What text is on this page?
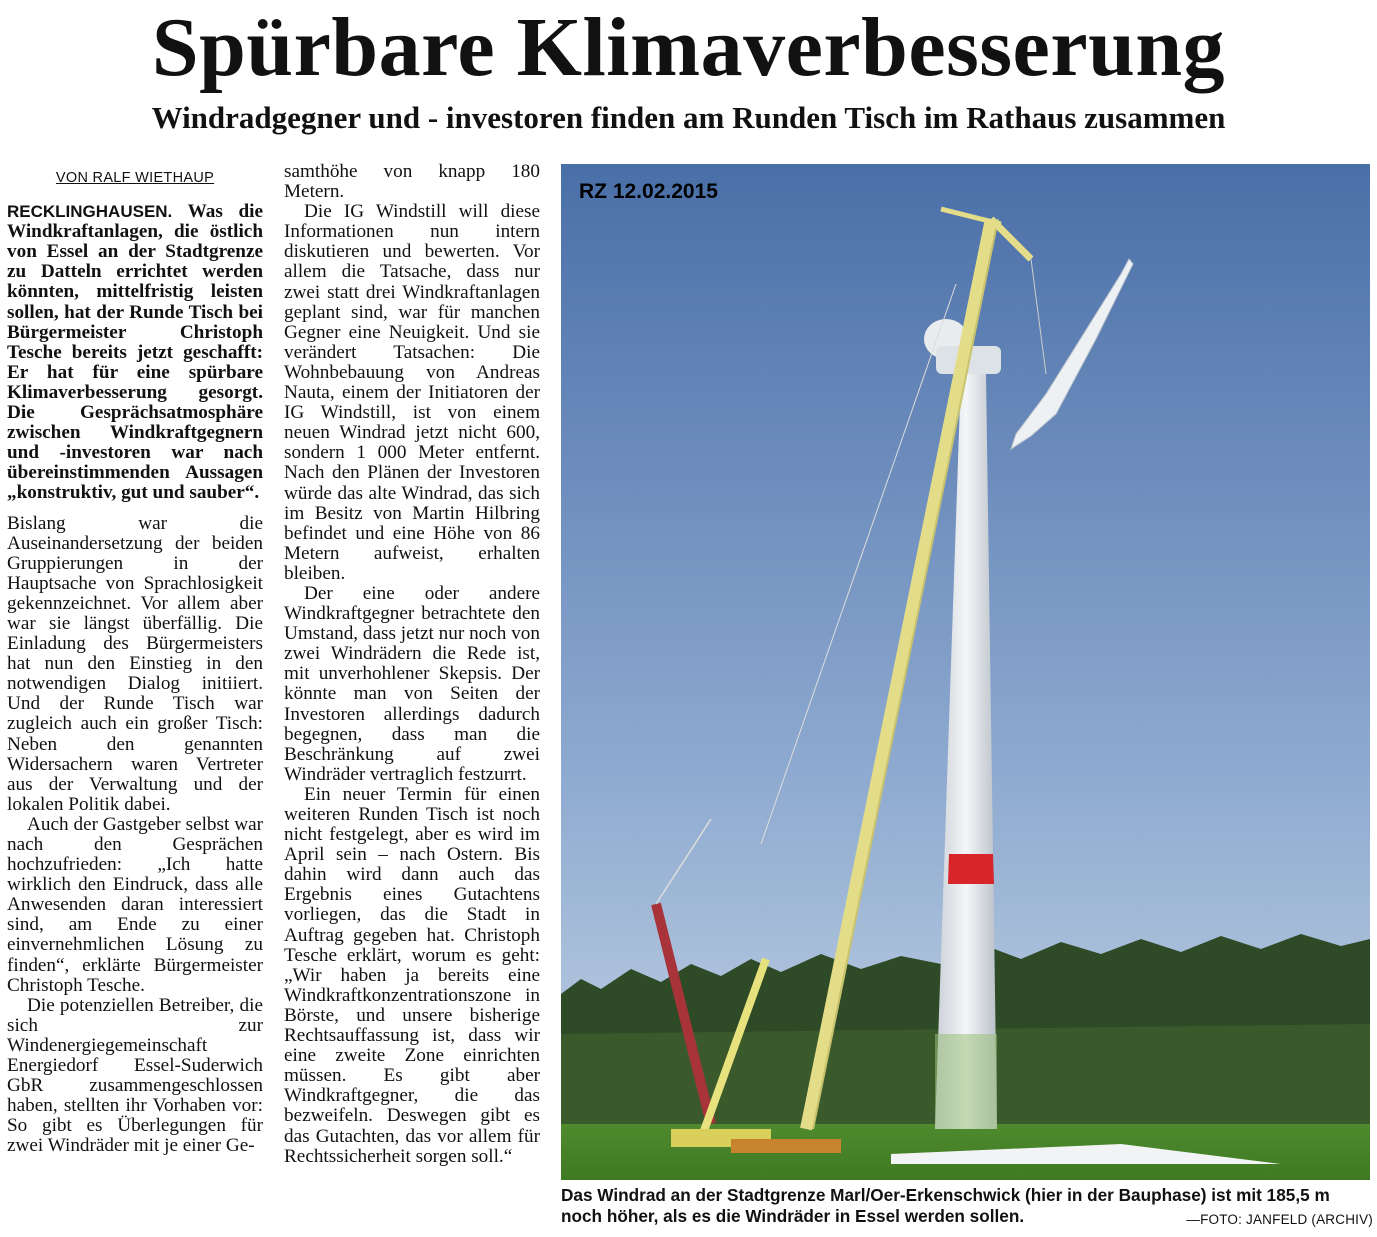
Spürbare Klimaverbesserung
Windradgegner und - investoren finden am Runden Tisch im Rathaus zusammen

VON RALF WIETHAUP

RECKLINGHAUSEN. Was die Windkraftanlagen, die östlich von Essel an der Stadtgrenze zu Datteln errichtet werden könnten, mittelfristig leisten sollen, hat der Runde Tisch bei Bürgermeister Christoph Tesche bereits jetzt geschafft: Er hat für eine spürbare Klimaverbesserung gesorgt. Die Gesprächsatmosphäre zwischen Windkraftgegnern und -investoren war nach übereinstimmenden Aussagen „konstruktiv, gut und sauber“.

Bislang war die Auseinandersetzung der beiden Gruppierungen in der Hauptsache von Sprachlosigkeit gekennzeichnet. Vor allem aber war sie längst überfällig. Die Einladung des Bürgermeisters hat nun den Einstieg in den notwendigen Dialog initiiert. Und der Runde Tisch war zugleich auch ein großer Tisch: Neben den genannten Widersachern waren Vertreter aus der Verwaltung und der lokalen Politik dabei.

Auch der Gastgeber selbst war nach den Gesprächen hochzufrieden: „Ich hatte wirklich den Eindruck, dass alle Anwesenden daran interessiert sind, am Ende zu einer einvernehmlichen Lösung zu finden“, erklärte Bürgermeister Christoph Tesche.

Die potenziellen Betreiber, die sich zur Windenergiegemeinschaft Energiedorf Essel-Suderwich GbR zusammengeschlossen haben, stellten ihr Vorhaben vor: So gibt es Überlegungen für zwei Windräder mit je einer Ge-

samthöhe von knapp 180 Metern.

Die IG Windstill will diese Informationen nun intern diskutieren und bewerten. Vor allem die Tatsache, dass nur zwei statt drei Windkraftanlagen geplant sind, war für manchen Gegner eine Neuigkeit. Und sie verändert Tatsachen: Die Wohnbebauung von Andreas Nauta, einem der Initiatoren der IG Windstill, ist von einem neuen Windrad jetzt nicht 600, sondern 1 000 Meter entfernt. Nach den Plänen der Investoren würde das alte Windrad, das sich im Besitz von Martin Hilbring befindet und eine Höhe von 86 Metern aufweist, erhalten bleiben.

Der eine oder andere Windkraftgegner betrachtete den Umstand, dass jetzt nur noch von zwei Windrädern die Rede ist, mit unverhohlener Skepsis. Der könnte man von Seiten der Investoren allerdings dadurch begegnen, dass man die Beschränkung auf zwei Windräder vertraglich festzurrt.

Ein neuer Termin für einen weiteren Runden Tisch ist noch nicht festgelegt, aber es wird im April sein – nach Ostern. Bis dahin wird dann auch das Ergebnis eines Gutachtens vorliegen, das die Stadt in Auftrag gegeben hat. Christoph Tesche erklärt, worum es geht: „Wir haben ja bereits eine Windkraftkonzentrationszone in Börste, und unsere bisherige Rechtsauffassung ist, dass wir eine zweite Zone einrichten müssen. Es gibt aber Windkraftgegner, die das bezweifeln. Deswegen gibt es das Gutachten, das vor allem für Rechtssicherheit sorgen soll.“

RZ 12.02.2015
Das Windrad an der Stadtgrenze Marl/Oer-Erkenschwick (hier in der Bauphase) ist mit 185,5 m noch höher, als es die Windräder in Essel werden sollen.	—FOTO: JANFELD (ARCHIV)
